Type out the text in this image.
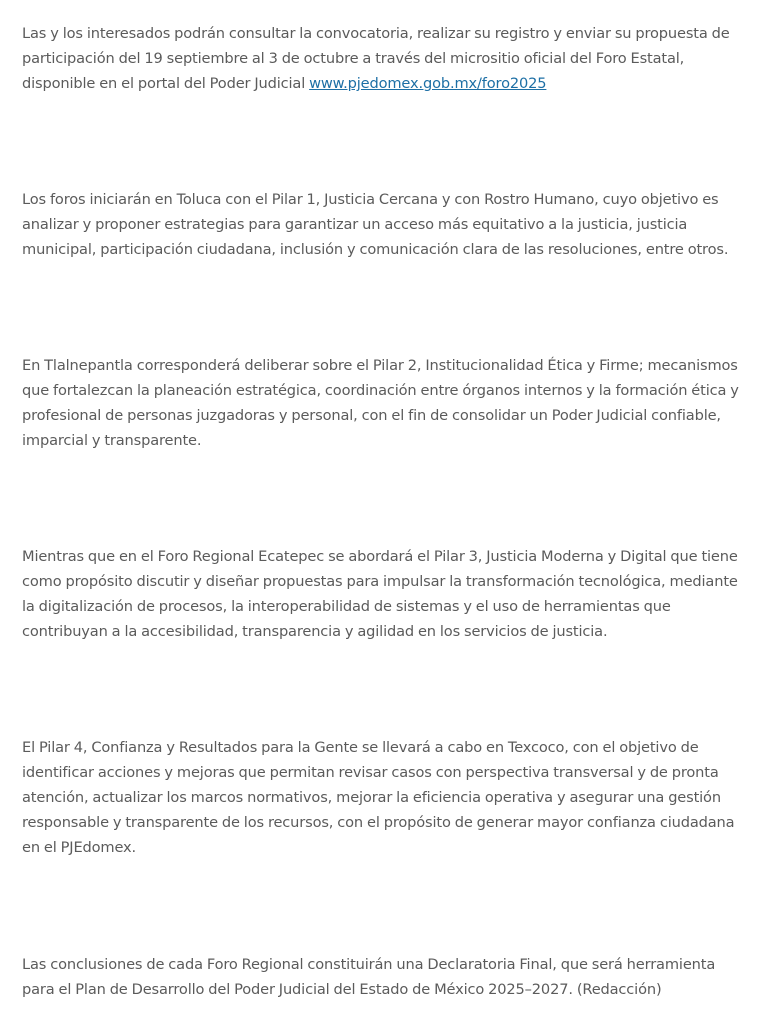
Las y los interesados podrán consultar la convocatoria, realizar su registro y enviar su propuesta de participación del 19 septiembre al 3 de octubre a través del micrositio oficial del Foro Estatal, disponible en el portal del Poder Judicial www.pjedomex.gob.mx/foro2025

Los foros iniciarán en Toluca con el Pilar 1, Justicia Cercana y con Rostro Humano, cuyo objetivo es analizar y proponer estrategias para garantizar un acceso más equitativo a la justicia, justicia municipal, participación ciudadana, inclusión y comunicación clara de las resoluciones, entre otros.

En Tlalnepantla corresponderá deliberar sobre el Pilar 2, Institucionalidad Ética y Firme; mecanismos que fortalezcan la planeación estratégica, coordinación entre órganos internos y la formación ética y profesional de personas juzgadoras y personal, con el fin de consolidar un Poder Judicial confiable, imparcial y transparente.

Mientras que en el Foro Regional Ecatepec se abordará el Pilar 3, Justicia Moderna y Digital que tiene como propósito discutir y diseñar propuestas para impulsar la transformación tecnológica, mediante la digitalización de procesos, la interoperabilidad de sistemas y el uso de herramientas que contribuyan a la accesibilidad, transparencia y agilidad en los servicios de justicia.

El Pilar 4, Confianza y Resultados para la Gente se llevará a cabo en Texcoco, con el objetivo de identificar acciones y mejoras que permitan revisar casos con perspectiva transversal y de pronta atención, actualizar los marcos normativos, mejorar la eficiencia operativa y asegurar una gestión responsable y transparente de los recursos, con el propósito de generar mayor confianza ciudadana en el PJEdomex.

Las conclusiones de cada Foro Regional constituirán una Declaratoria Final, que será herramienta para el Plan de Desarrollo del Poder Judicial del Estado de México 2025–2027. (Redacción)
